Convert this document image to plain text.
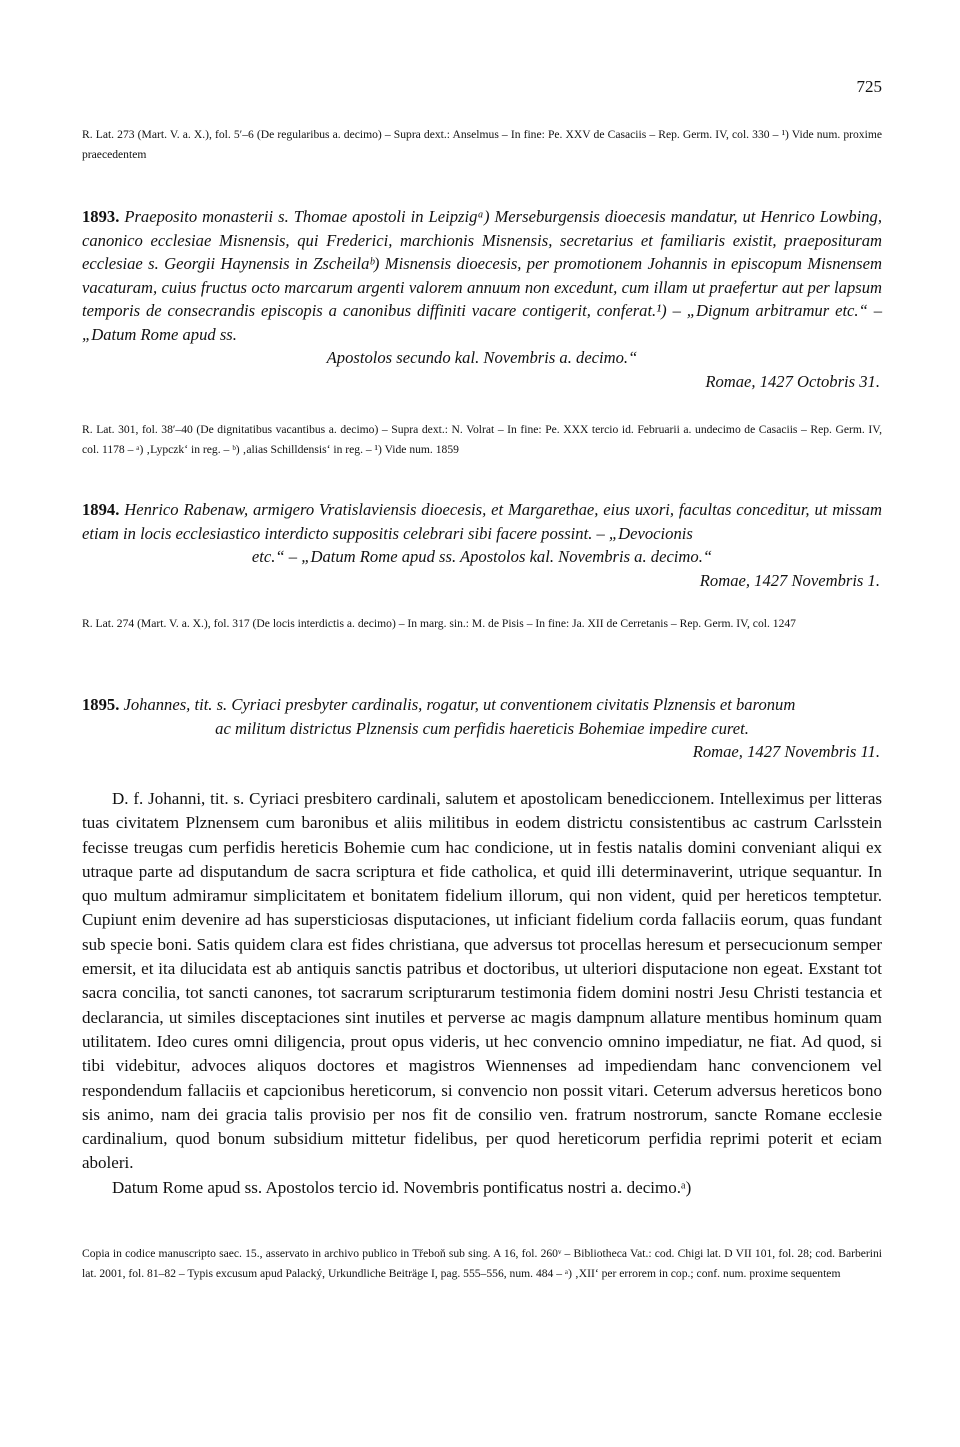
725
R. Lat. 273 (Mart. V. a. X.), fol. 5′–6 (De regularibus a. decimo) – Supra dext.: Anselmus – In fine: Pe. XXV de Casaciis – Rep. Germ. IV, col. 330 – ¹) Vide num. proxime praecedentem
1893. Praeposito monasterii s. Thomae apostoli in Leipzigᵃ) Merseburgensis dioecesis mandatur, ut Henrico Lowbing, canonico ecclesiae Misnensis, qui Frederici, marchionis Misnensis, secretarius et familiaris existit, praeposituram ecclesiae s. Georgii Haynensis in Zscheilaᵇ) Misnensis dioecesis, per promotionem Johannis in episcopum Misnensem vacaturam, cuius fructus octo marcarum argenti valorem annuum non excedunt, cum illam ut praefertur aut per lapsum temporis de consecrandis episcopis a canonibus diffiniti vacare contigerit, conferat.¹) – „Dignum arbitramur etc.“ – „Datum Rome apud ss.
Apostolos secundo kal. Novembris a. decimo.“
Romae, 1427 Octobris 31.
R. Lat. 301, fol. 38′–40 (De dignitatibus vacantibus a. decimo) – Supra dext.: N. Volrat – In fine: Pe. XXX tercio id. Februarii a. undecimo de Casaciis – Rep. Germ. IV, col. 1178 – ᵃ) ‚Lypczk‘ in reg. – ᵇ) ‚alias Schilldensis‘ in reg. – ¹) Vide num. 1859
1894. Henrico Rabenaw, armigero Vratislaviensis dioecesis, et Margarethae, eius uxori, facultas conceditur, ut missam etiam in locis ecclesiastico interdicto suppositis celebrari sibi facere possint. – „Devocionis
etc.“ – „Datum Rome apud ss. Apostolos kal. Novembris a. decimo.“
Romae, 1427 Novembris 1.
R. Lat. 274 (Mart. V. a. X.), fol. 317 (De locis interdictis a. decimo) – In marg. sin.: M. de Pisis – In fine: Ja. XII de Cerretanis – Rep. Germ. IV, col. 1247
1895. Johannes, tit. s. Cyriaci presbyter cardinalis, rogatur, ut conventionem civitatis Plznensis et baronum
ac militum districtus Plznensis cum perfidis haereticis Bohemiae impedire curet.
Romae, 1427 Novembris 11.

D. f. Johanni, tit. s. Cyriaci presbitero cardinali, salutem et apostolicam benediccionem. Intelleximus per litteras tuas civitatem Plznensem cum baronibus et aliis militibus in eodem districtu consistentibus ac castrum Carlsstein fecisse treugas cum perfidis hereticis Bohemie cum hac condicione, ut in festis natalis domini conveniant aliqui ex utraque parte ad disputandum de sacra scriptura et fide catholica, et quid illi determinaverint, utrique sequantur. In quo multum admiramur simplicitatem et bonitatem fidelium illorum, qui non vident, quid per hereticos temptetur. Cupiunt enim devenire ad has supersticiosas disputaciones, ut inficiant fidelium corda fallaciis eorum, quas fundant sub specie boni. Satis quidem clara est fides christiana, que adversus tot procellas heresum et persecucionum semper emersit, et ita dilucidata est ab antiquis sanctis patribus et doctoribus, ut ulteriori disputacione non egeat. Exstant tot sacra concilia, tot sancti canones, tot sacrarum scripturarum testimonia fidem domini nostri Jesu Christi testancia et declarancia, ut similes disceptaciones sint inutiles et perverse ac magis dampnum allature mentibus hominum quam utilitatem. Ideo cures omni diligencia, prout opus videris, ut hec convencio omnino impediatur, ne fiat. Ad quod, si tibi videbitur, advoces aliquos doctores et magistros Wiennenses ad impediendam hanc convencionem vel respondendum fallaciis et capcionibus hereticorum, si convencio non possit vitari. Ceterum adversus hereticos bono sis animo, nam dei gracia talis provisio per nos fit de consilio ven. fratrum nostrorum, sancte Romane ecclesie cardinalium, quod bonum subsidium mittetur fidelibus, per quod hereticorum perfidia reprimi poterit et eciam aboleri.

Datum Rome apud ss. Apostolos tercio id. Novembris pontificatus nostri a. decimo.ᵃ)

Copia in codice manuscripto saec. 15., asservato in archivo publico in Třeboň sub sing. A 16, fol. 260ᵛ – Bibliotheca Vat.: cod. Chigi lat. D VII 101, fol. 28; cod. Barberini lat. 2001, fol. 81–82 – Typis excusum apud Palacký, Urkundliche Beiträge I, pag. 555–556, num. 484 – ᵃ) ‚XII‘ per errorem in cop.; conf. num. proxime sequentem
